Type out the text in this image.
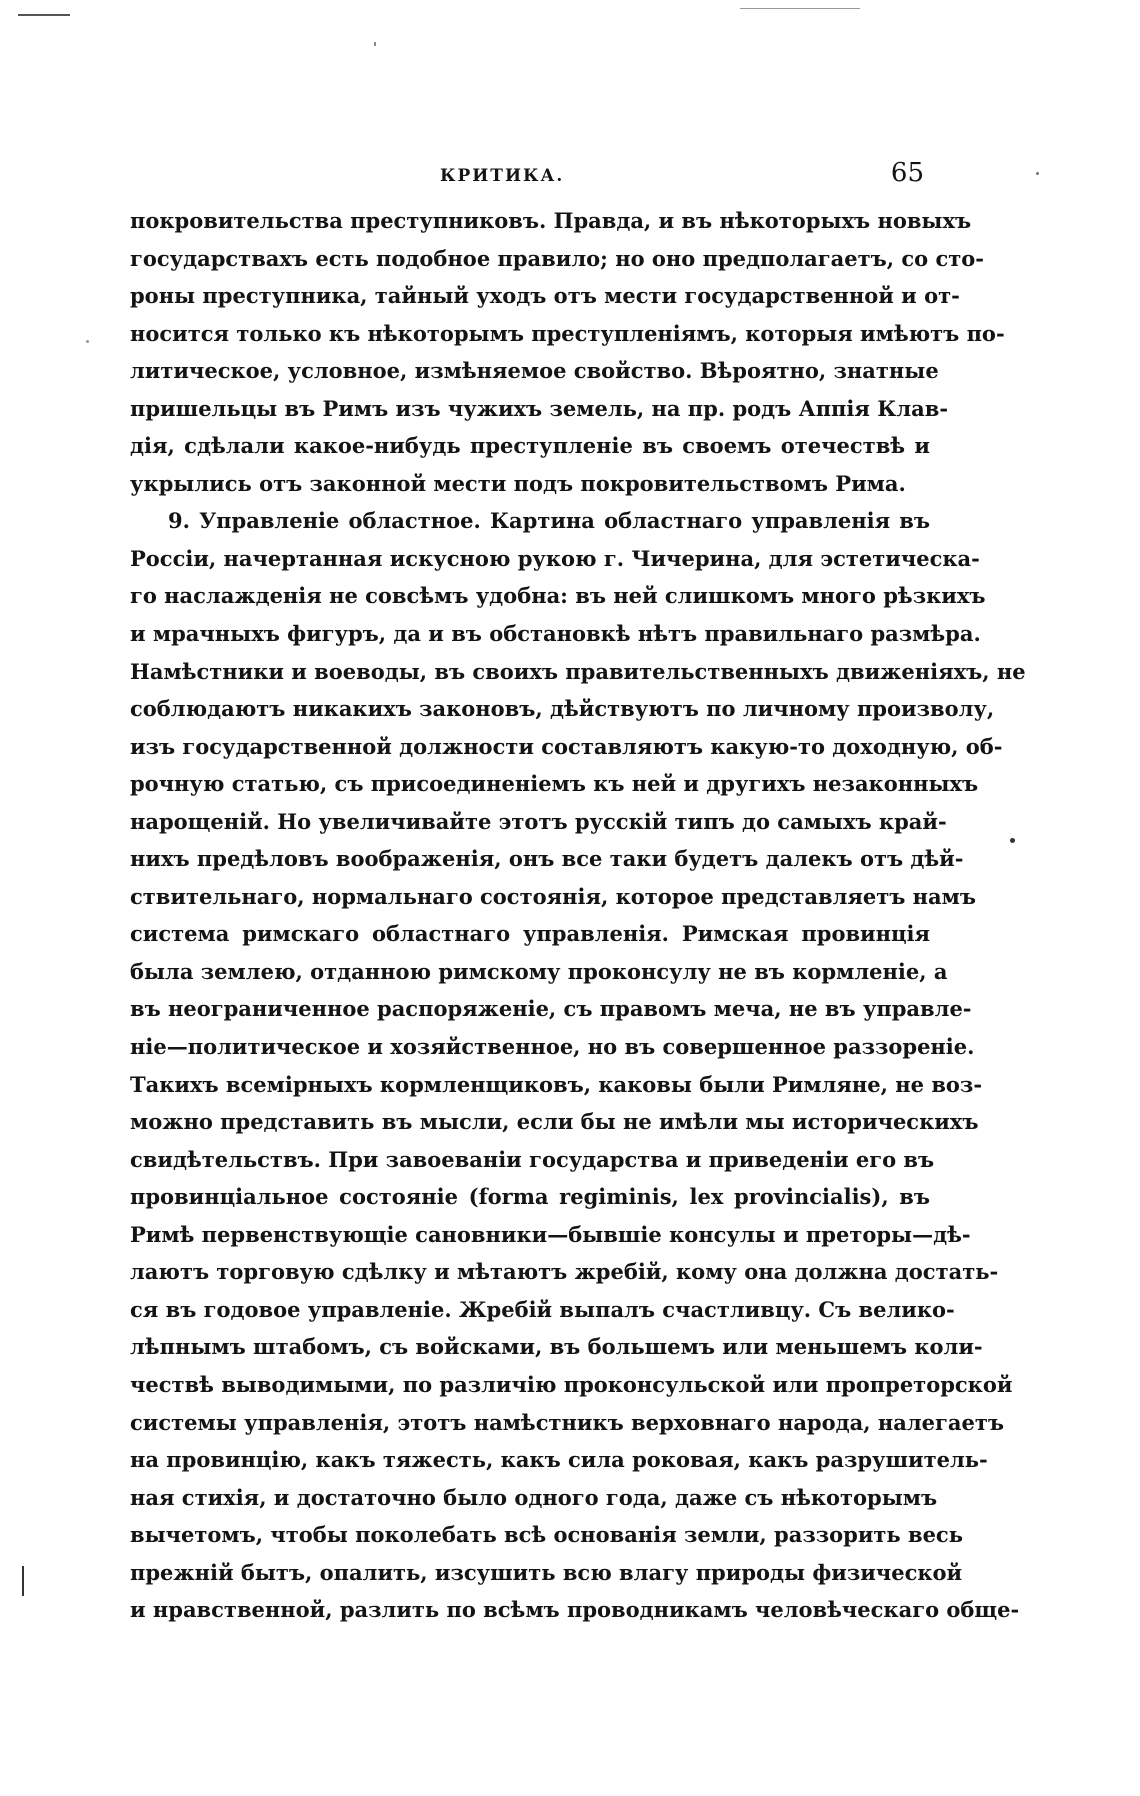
КРИТИКА.	65
покровительства преступниковъ. Правда, и въ нѣкоторыхъ новыхъ
государствахъ есть подобное правило; но оно предполагаетъ, со сто-
роны преступника, тайный уходъ отъ мести государственной и от-
носится только къ нѣкоторымъ преступленіямъ, которыя имѣютъ по-
литическое, условное, измѣняемое свойство. Вѣроятно, знатные
пришельцы въ Римъ изъ чужихъ земель, на пр. родъ Аппія Клав-
дія, сдѣлали какое-нибудь преступленіе въ своемъ отечествѣ и
укрылись отъ законной мести подъ покровительствомъ Рима.
9. Управленіе областное. Картина областнаго управленія въ
Россіи, начертанная искусною рукою г. Чичерина, для эстетическа-
го наслажденія не совсѣмъ удобна: въ ней слишкомъ много рѣзкихъ
и мрачныхъ фигуръ, да и въ обстановкѣ нѣтъ правильнаго размѣра.
Намѣстники и воеводы, въ своихъ правительственныхъ движеніяхъ, не
соблюдаютъ никакихъ законовъ, дѣйствуютъ по личному произволу,
изъ государственной должности составляютъ какую-то доходную, об-
рочную статью, съ присоединеніемъ къ ней и другихъ незаконныхъ
нарощеній. Но увеличивайте этотъ русскій типъ до самыхъ край-
нихъ предѣловъ воображенія, онъ все таки будетъ далекъ отъ дѣй-
ствительнаго, нормальнаго состоянія, которое представляетъ намъ
система римскаго областнаго управленія. Римская провинція
была землею, отданною римскому проконсулу не въ кормленіе, а
въ неограниченное распоряженіе, съ правомъ меча, не въ управле-
ніе—политическое и хозяйственное, но въ совершенное раззореніе.
Такихъ всемірныхъ кормленщиковъ, каковы были Римляне, не воз-
можно представить въ мысли, если бы не имѣли мы историческихъ
свидѣтельствъ. При завоеваніи государства и приведеніи его въ
провинціальное состояніе (forma regiminis, lex provincialis), въ
Римѣ первенствующіе сановники—бывшіе консулы и преторы—дѣ-
лаютъ торговую сдѣлку и мѣтаютъ жребій, кому она должна достать-
ся въ годовое управленіе. Жребій выпалъ счастливцу. Съ велико-
лѣпнымъ штабомъ, съ войсками, въ большемъ или меньшемъ коли-
чествѣ выводимыми, по различію проконсульской или пропреторской
системы управленія, этотъ намѣстникъ верховнаго народа, налегаетъ
на провинцію, какъ тяжесть, какъ сила роковая, какъ разрушитель-
ная стихія, и достаточно было одного года, даже съ нѣкоторымъ
вычетомъ, чтобы поколебать всѣ основанія земли, раззорить весь
прежній бытъ, опалить, изсушить всю влагу природы физической
и нравственной, разлить по всѣмъ проводникамъ человѣческаго обще-
